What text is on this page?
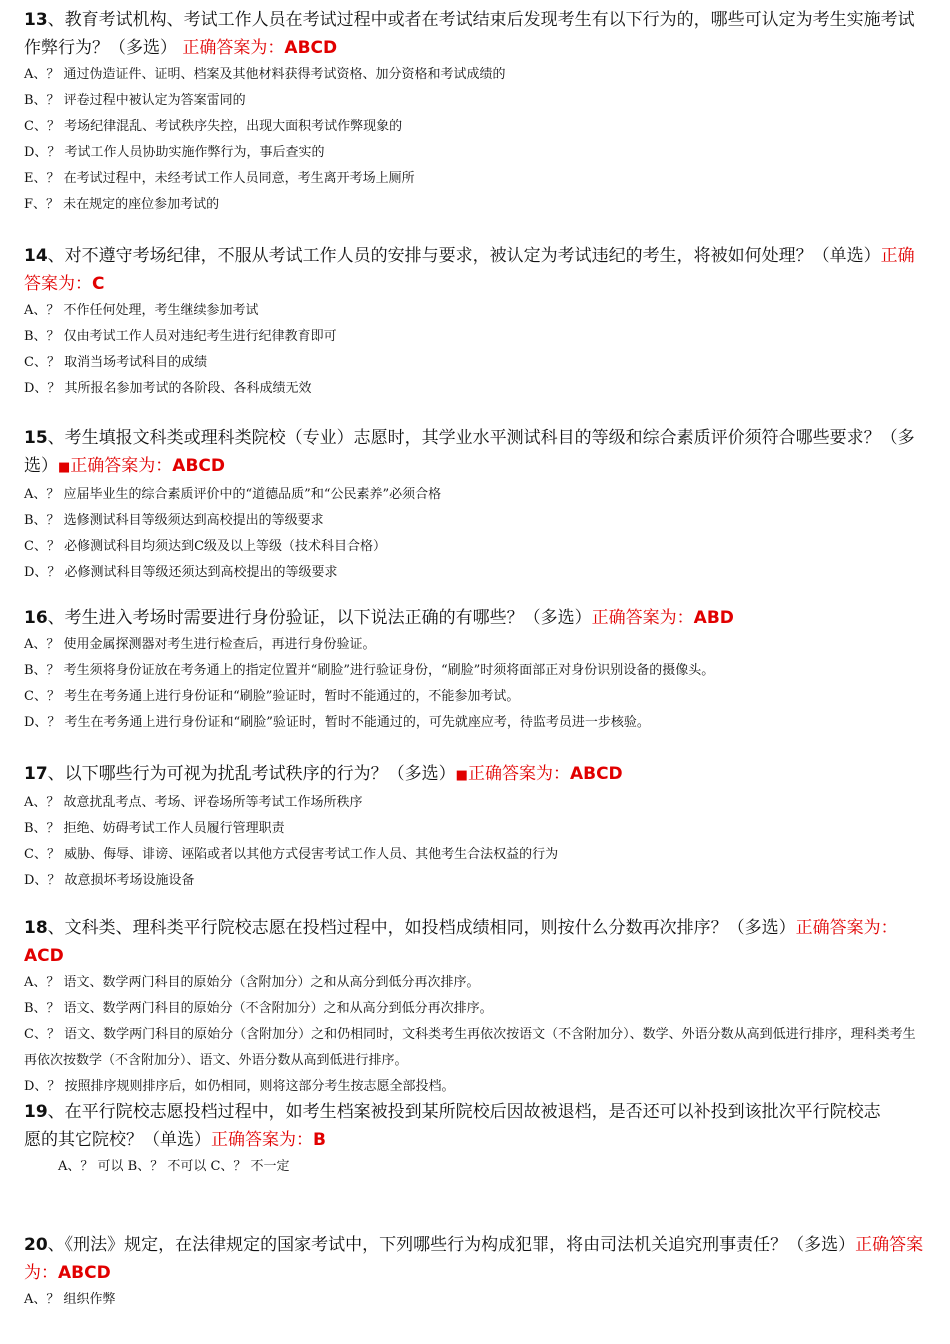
13、教育考试机构、考试工作人员在考试过程中或者在考试结束后发现考生有以下行为的，哪些可认定为考生实施考试作弊行为？（多选） 正确答案为：ABCD

A、？ 通过伪造证件、证明、档案及其他材料获得考试资格、加分资格和考试成绩的

B、？ 评卷过程中被认定为答案雷同的

C、？ 考场纪律混乱、考试秩序失控，出现大面积考试作弊现象的

D、？ 考试工作人员协助实施作弊行为，事后查实的

E、？ 在考试过程中，未经考试工作人员同意，考生离开考场上厕所

F、？ 未在规定的座位参加考试的

14、对不遵守考场纪律，不服从考试工作人员的安排与要求，被认定为考试违纪的考生，将被如何处理？（单选）正确答案为：C

A、？ 不作任何处理，考生继续参加考试

B、？ 仅由考试工作人员对违纪考生进行纪律教育即可

C、？ 取消当场考试科目的成绩

D、？ 其所报名参加考试的各阶段、各科成绩无效

15、考生填报文科类或理科类院校（专业）志愿时，其学业水平测试科目的等级和综合素质评价须符合哪些要求？（多选）■正确答案为：ABCD

A、？ 应届毕业生的综合素质评价中的“道德品质”和“公民素养”必须合格

B、？ 选修测试科目等级须达到高校提出的等级要求

C、？ 必修测试科目均须达到C级及以上等级（技术科目合格）

D、？ 必修测试科目等级还须达到高校提出的等级要求

16、考生进入考场时需要进行身份验证，以下说法正确的有哪些？（多选）正确答案为：ABD

A、？ 使用金属探测器对考生进行检查后，再进行身份验证。

B、？ 考生须将身份证放在考务通上的指定位置并“刷脸”进行验证身份，“刷脸”时须将面部正对身份识别设备的摄像头。

C、？ 考生在考务通上进行身份证和“刷脸”验证时，暂时不能通过的，不能参加考试。

D、？ 考生在考务通上进行身份证和“刷脸”验证时，暂时不能通过的，可先就座应考，待监考员进一步核验。

17、以下哪些行为可视为扰乱考试秩序的行为？（多选）■正确答案为：ABCD

A、？ 故意扰乱考点、考场、评卷场所等考试工作场所秩序

B、？ 拒绝、妨碍考试工作人员履行管理职责

C、？ 威胁、侮辱、诽谤、诬陷或者以其他方式侵害考试工作人员、其他考生合法权益的行为

D、？ 故意损坏考场设施设备

18、文科类、理科类平行院校志愿在投档过程中，如投档成绩相同，则按什么分数再次排序？（多选）正确答案为：ACD

A、？ 语文、数学两门科目的原始分（含附加分）之和从高分到低分再次排序。

B、？ 语文、数学两门科目的原始分（不含附加分）之和从高分到低分再次排序。

C、？ 语文、数学两门科目的原始分（含附加分）之和仍相同时，文科类考生再依次按语文（不含附加分）、数学、外语分数从高到低进行排序，理科类考生再依次按数学（不含附加分）、语文、外语分数从高到低进行排序。

D、？ 按照排序规则排序后，如仍相同，则将这部分考生按志愿全部投档。

19、在平行院校志愿投档过程中，如考生档案被投到某所院校后因故被退档，是否还可以补投到该批次平行院校志

愿的其它院校？（单选）正确答案为：B

A、？ 可以 B、？ 不可以 C、？ 不一定

20、《刑法》规定，在法律规定的国家考试中，下列哪些行为构成犯罪，将由司法机关追究刑事责任？（多选）正确答案为：ABCD

A、？ 组织作弊
